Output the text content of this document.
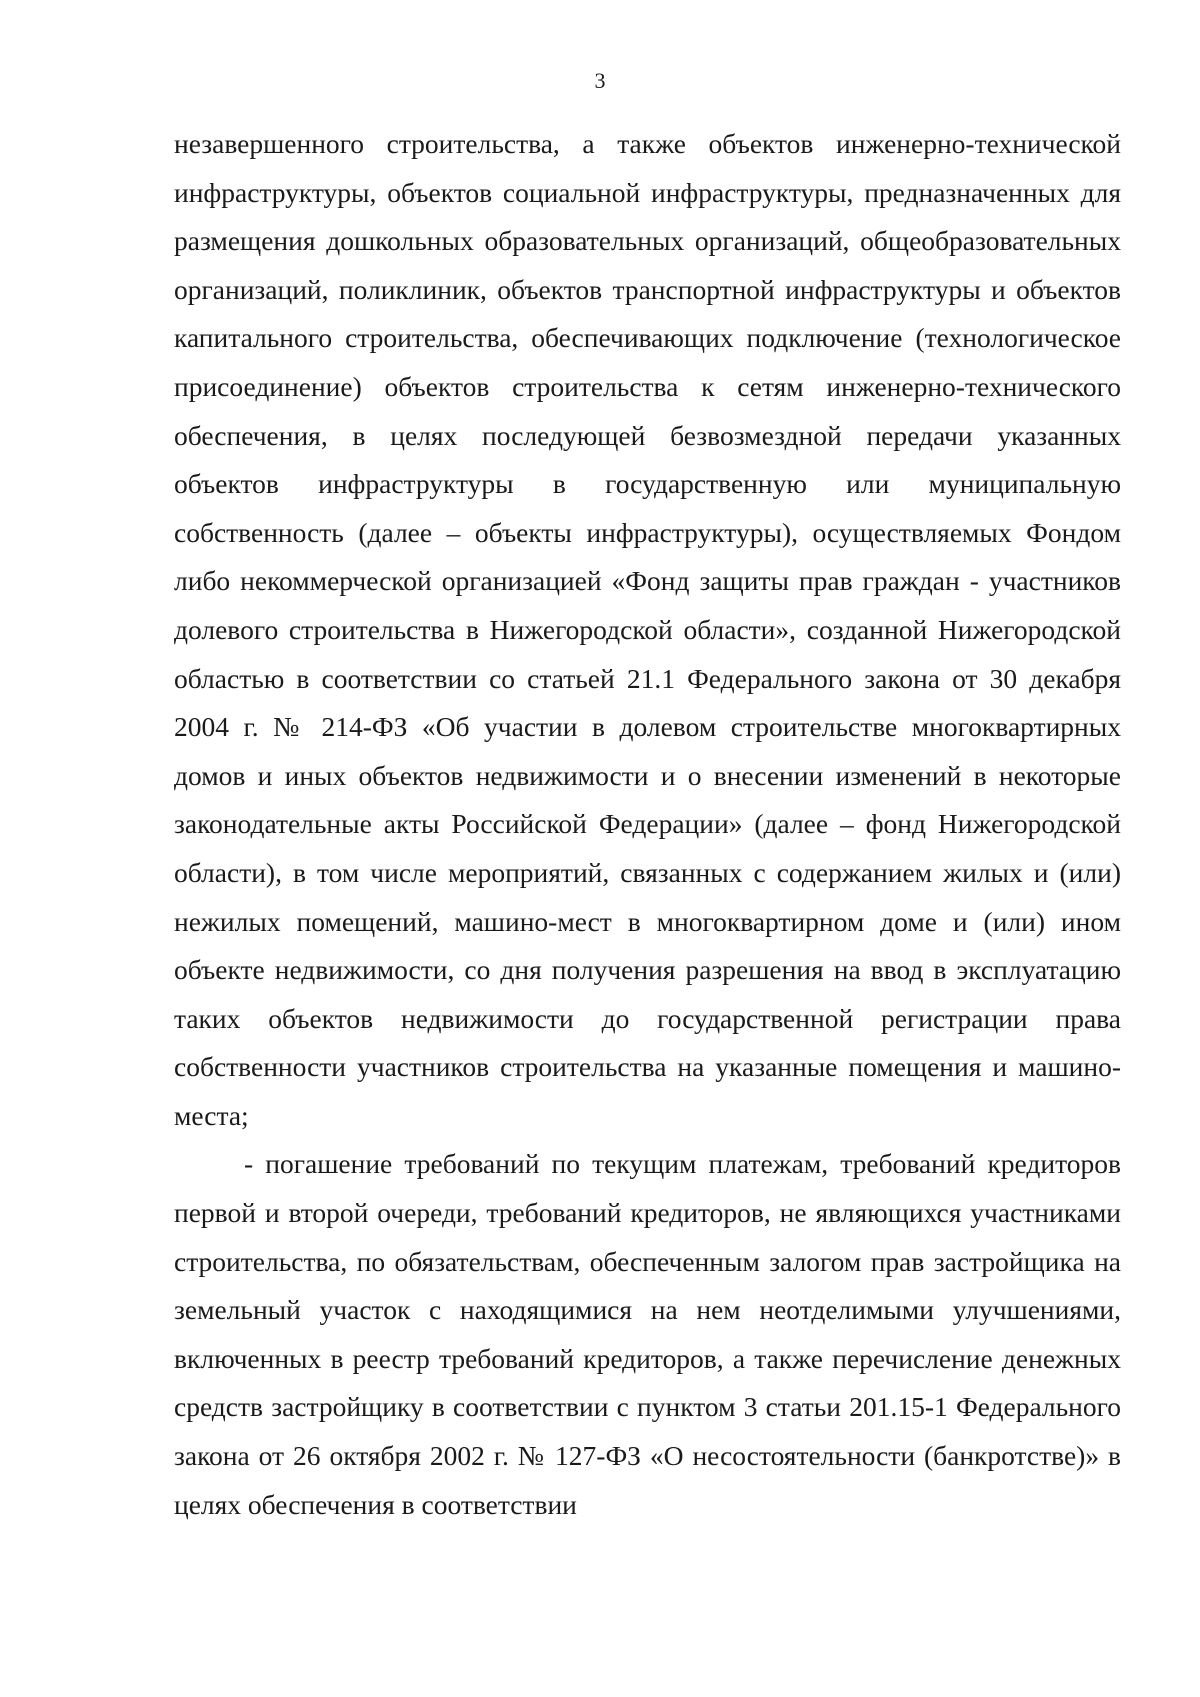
3

незавершенного строительства, а также объектов инженерно-технической инфраструктуры, объектов социальной инфраструктуры, предназначенных для размещения дошкольных образовательных организаций, общеобразовательных организаций, поликлиник, объектов транспортной инфраструктуры и объектов капитального строительства, обеспечивающих подключение (технологическое присоединение) объектов строительства к сетям инженерно-технического обеспечения, в целях последующей безвозмездной передачи указанных объектов инфраструктуры в государственную или муниципальную собственность (далее – объекты инфраструктуры), осуществляемых Фондом либо некоммерческой организацией «Фонд защиты прав граждан - участников долевого строительства в Нижегородской области», созданной Нижегородской областью в соответствии со статьей 21.1 Федерального закона от 30 декабря 2004 г. № 214-ФЗ «Об участии в долевом строительстве многоквартирных домов и иных объектов недвижимости и о внесении изменений в некоторые законодательные акты Российской Федерации» (далее – фонд Нижегородской области), в том числе мероприятий, связанных с содержанием жилых и (или) нежилых помещений, машино-мест в многоквартирном доме и (или) ином объекте недвижимости, со дня получения разрешения на ввод в эксплуатацию таких объектов недвижимости до государственной регистрации права собственности участников строительства на указанные помещения и машино-места;

- погашение требований по текущим платежам, требований кредиторов первой и второй очереди, требований кредиторов, не являющихся участниками строительства, по обязательствам, обеспеченным залогом прав застройщика на земельный участок с находящимися на нем неотделимыми улучшениями, включенных в реестр требований кредиторов, а также перечисление денежных средств застройщику в соответствии с пунктом 3 статьи 201.15-1 Федерального закона от 26 октября 2002 г. № 127-ФЗ «О несостоятельности (банкротстве)» в целях обеспечения в соответствии
